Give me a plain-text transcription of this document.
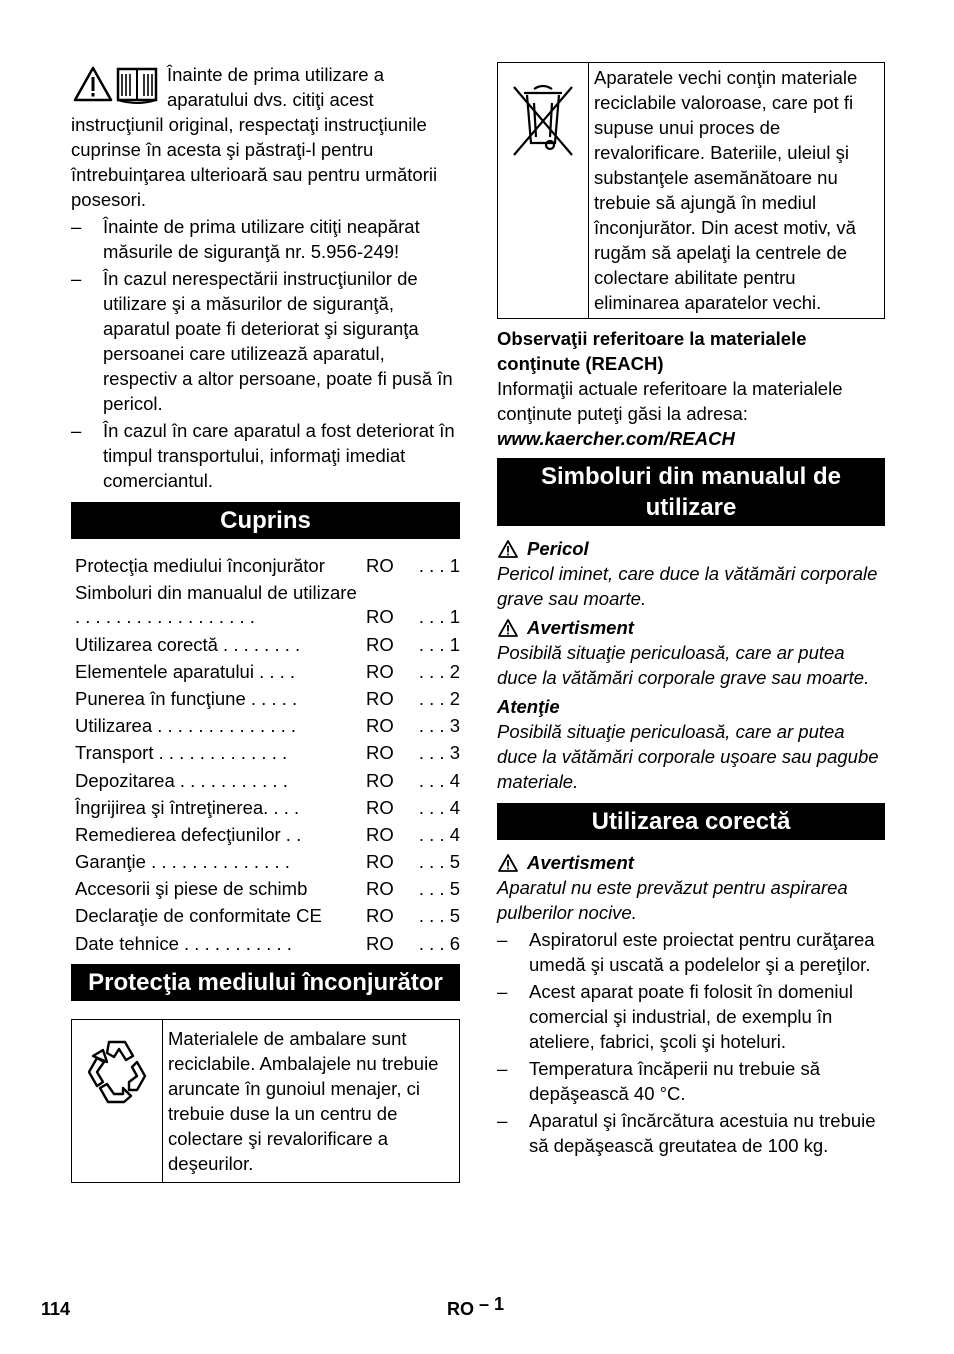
Înainte de prima utilizare a aparatului dvs. citiţi acest instrucţiunil original, respectaţi instrucţiunile cuprinse în acesta şi păstraţi-l pentru întrebuinţarea ulterioară sau pentru următorii posesori.

– Înainte de prima utilizare citiţi neapărat măsurile de siguranţă nr. 5.956-249!
– În cazul nerespectării instrucţiunilor de utilizare şi a măsurilor de siguranţă, aparatul poate fi deteriorat şi siguranţa persoanei care utilizează aparatul, respectiv a altor persoane, poate fi pusă în pericol.
– În cazul în care aparatul a fost deteriorat în timpul transportului, informaţi imediat comerciantul.
Cuprins
Protecţia mediului înconjurător	RO	. . . 1
Simboluri din manualul de utilizare . . . . . . . . . . . . . . . . . .	RO	. . . 1
Utilizarea corectă . . . . . . . .	RO	. . . 1
Elementele aparatului . . . .	RO	. . . 2
Punerea în funcţiune . . . . .	RO	. . . 2
Utilizarea . . . . . . . . . . . . . .	RO	. . . 3
Transport . . . . . . . . . . . . .	RO	. . . 3
Depozitarea . . . . . . . . . . .	RO	. . . 4
Îngrijirea şi întreţinerea. . . .	RO	. . . 4
Remedierea defecţiunilor . .	RO	. . . 4
Garanţie . . . . . . . . . . . . . .	RO	. . . 5
Accesorii şi piese de schimb	RO	. . . 5
Declaraţie de conformitate CE	RO	. . . 5
Date tehnice . . . . . . . . . . .	RO	. . . 6
Protecţia mediului înconjurător
	Materialele de ambalare sunt reciclabile. Ambalajele nu trebuie aruncate în gunoiul menajer, ci trebuie duse la un centru de colectare şi revalorificare a deşeurilor.
	Aparatele vechi conţin materiale reciclabile valoroase, care pot fi supuse unui proces de revalorificare. Bateriile, uleiul şi substanţele asemănătoare nu trebuie să ajungă în mediul înconjurător. Din acest motiv, vă rugăm să apelaţi la centrele de colectare abilitate pentru eliminarea aparatelor vechi.

Observaţii referitoare la materialele conţinute (REACH)

Informaţii actuale referitoare la materialele conţinute puteţi găsi la adresa:

www.kaercher.com/REACH

Simboluri din manualul de utilizare
Pericol

Pericol iminet, care duce la vătămări corporale grave sau moarte.

Avertisment

Posibilă situaţie periculoasă, care ar putea duce la vătămări corporale grave sau moarte.

Atenţie

Posibilă situaţie periculoasă, care ar putea duce la vătămări corporale uşoare sau pagube materiale.

Utilizarea corectă
Avertisment

Aparatul nu este prevăzut pentru aspirarea pulberilor nocive.

– Aspiratorul este proiectat pentru curăţarea umedă şi uscată a podelelor şi a pereţilor.
– Acest aparat poate fi folosit în domeniul comercial şi industrial, de exemplu în ateliere, fabrici, şcoli şi hoteluri.
– Temperatura încăperii nu trebuie să depăşească 40 °C.
– Aparatul şi încărcătura acestuia nu trebuie să depăşească greutatea de 100 kg.
114	RO – 1
